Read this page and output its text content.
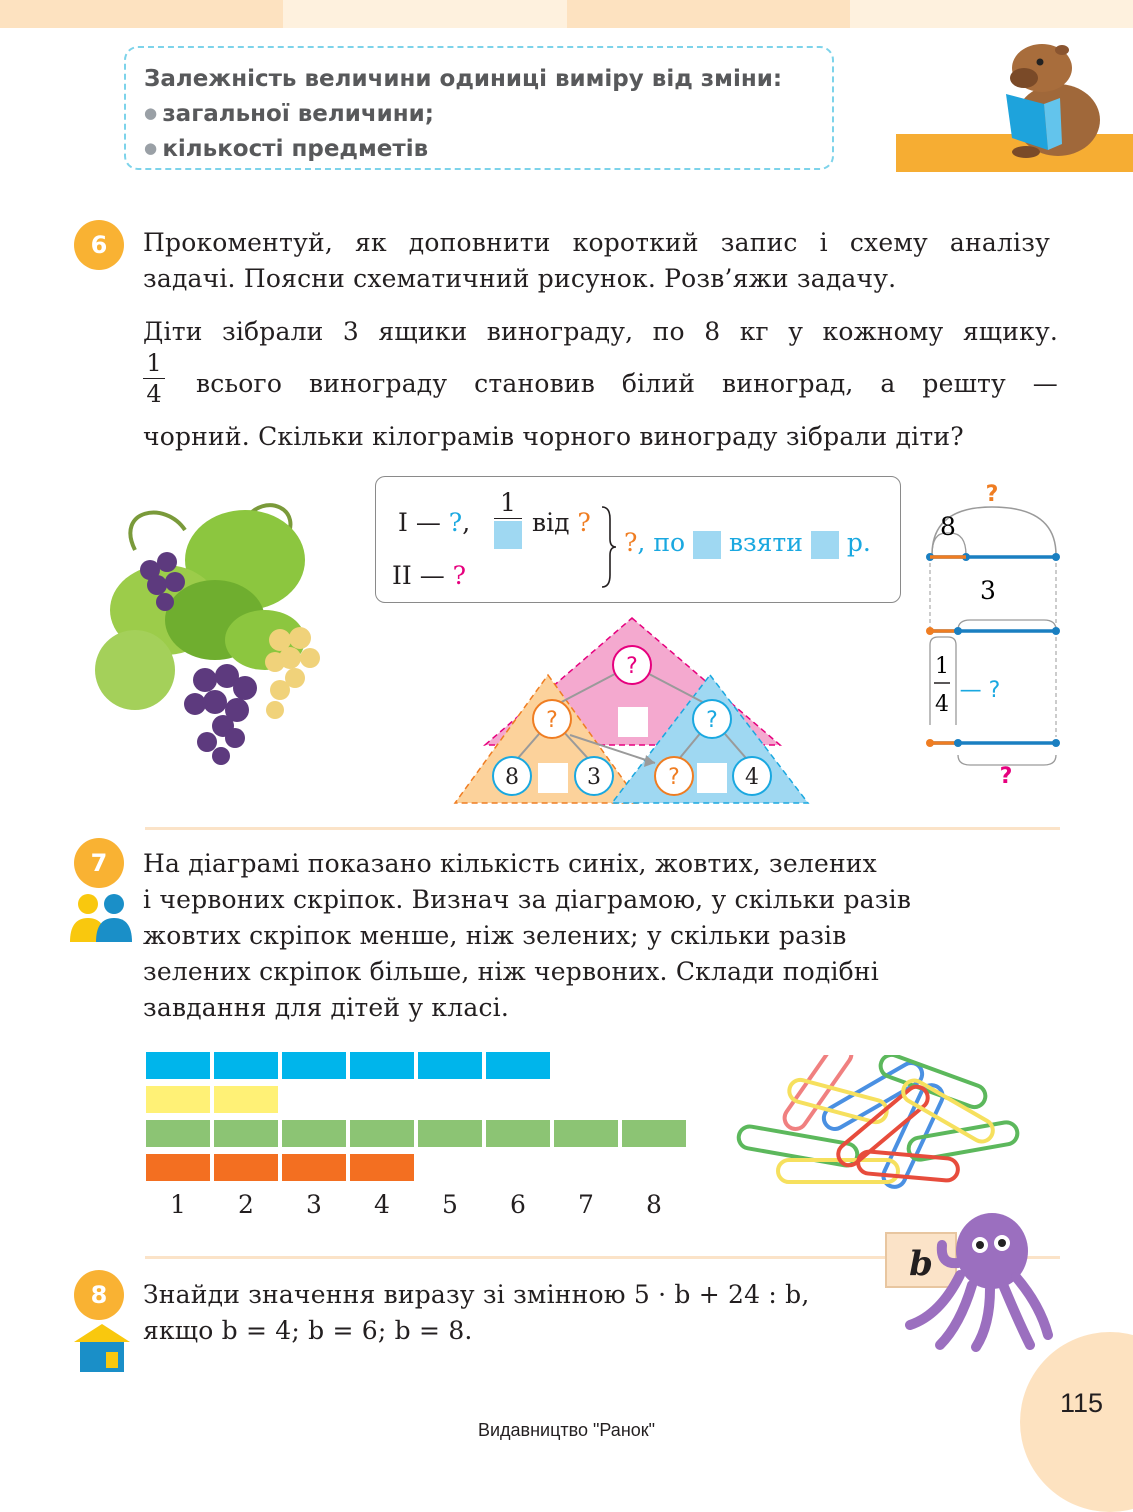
Залежність величини одиниці виміру від зміни:
● загальної величини;
● кількості предметів
6	Прокоментуй, як доповнити короткий запис і схему аналізу
задачі. Поясни схематичний рисунок. Розв’яжи задачу.
Діти зібрали 3 ящики винограду, по 8 кг у кожному ящику.
$\frac{1}{4}$ всього винограду становив білий виноград, а решту —
чорний. Скільки кілограмів чорного винограду зібрали діти?
I — ?,
1
від ?
II — ?
?, по взяти р.
?
?	?
8	3	?	4
?
8
3
1
4
— ?
?
7	На діаграмі показано кількість синіх, жовтих, зелених
і червоних скріпок. Визнач за діаграмою, у скільки разів
жовтих скріпок менше, ніж зелених; у скільки разів
зелених скріпок більше, ніж червоних. Склади подібні
завдання для дітей у класі.
1	2	3	4	5	6	7	8
b
8	Знайди значення виразу зі змінною 5 · b + 24 : b,
якщо b = 4; b = 6; b = 8.
115
Видавництво "Ранок"
